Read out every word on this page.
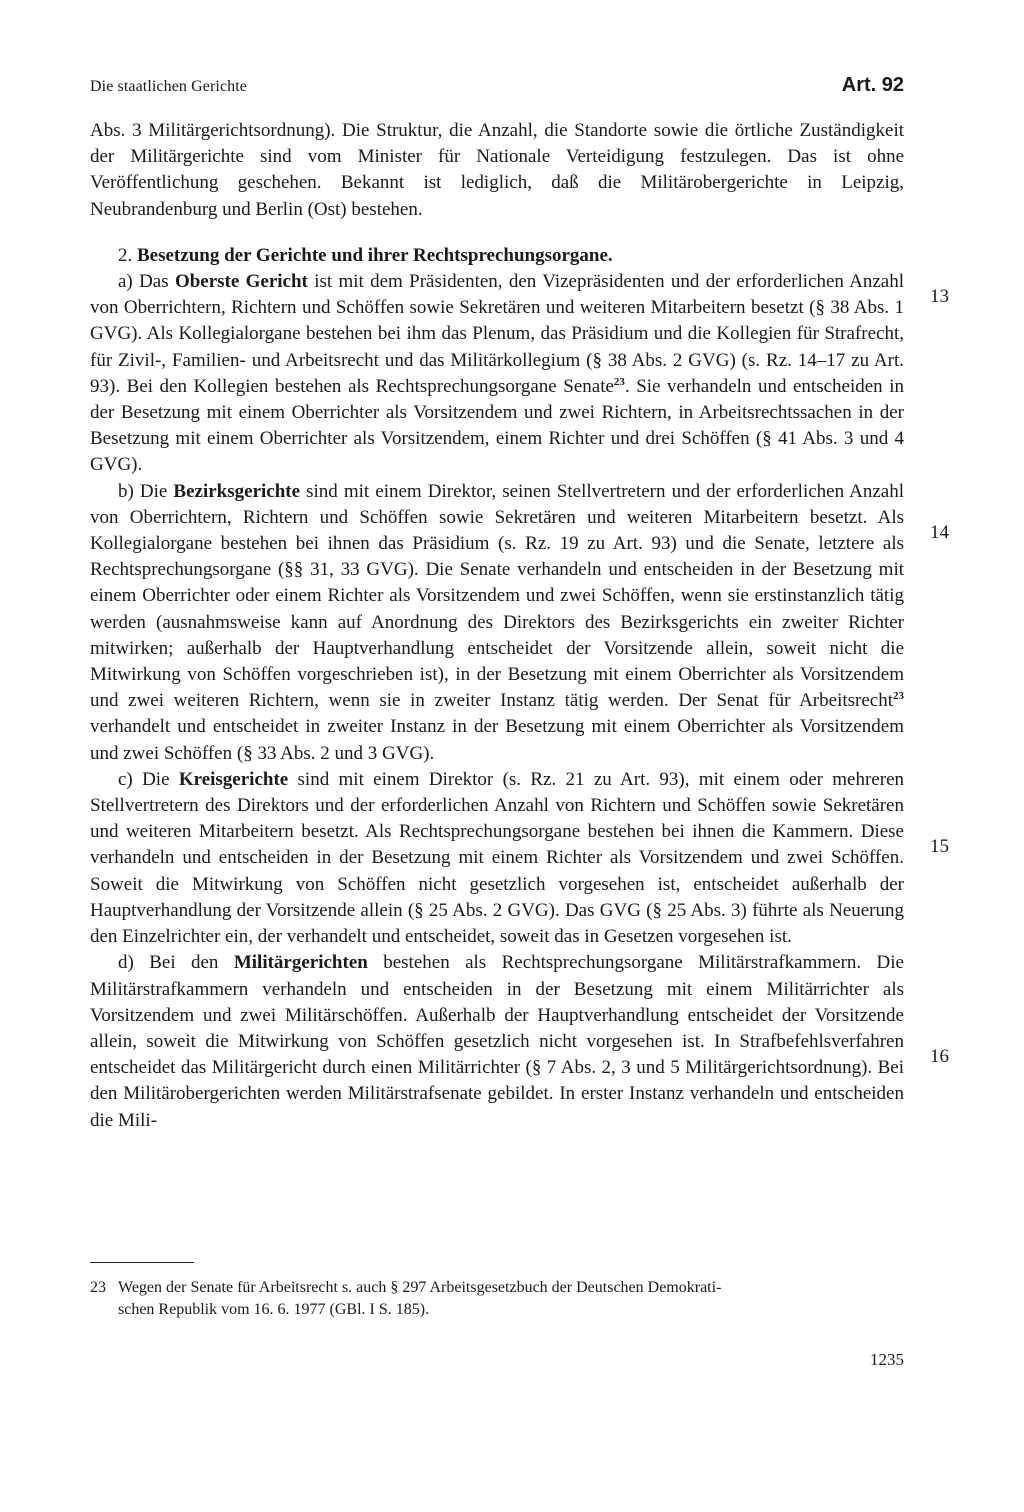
Die staatlichen Gerichte	Art. 92

Abs. 3 Militärgerichtsordnung). Die Struktur, die Anzahl, die Standorte sowie die örtliche Zuständigkeit der Militärgerichte sind vom Minister für Nationale Verteidigung festzulegen. Das ist ohne Veröffentlichung geschehen. Bekannt ist lediglich, daß die Militärobergerichte in Leipzig, Neubrandenburg und Berlin (Ost) bestehen.

2. Besetzung der Gerichte und ihrer Rechtsprechungsorgane.

a) Das Oberste Gericht ist mit dem Präsidenten, den Vizepräsidenten und der erforderlichen Anzahl von Oberrichtern, Richtern und Schöffen sowie Sekretären und weiteren Mitarbeitern besetzt (§ 38 Abs. 1 GVG). Als Kollegialorgane bestehen bei ihm das Plenum, das Präsidium und die Kollegien für Strafrecht, für Zivil-, Familien- und Arbeitsrecht und das Militärkollegium (§ 38 Abs. 2 GVG) (s. Rz. 14–17 zu Art. 93). Bei den Kollegien bestehen als Rechtsprechungsorgane Senate$^{23}$. Sie verhandeln und entscheiden in der Besetzung mit einem Oberrichter als Vorsitzendem und zwei Richtern, in Arbeitsrechtssachen in der Besetzung mit einem Oberrichter als Vorsitzendem, einem Richter und drei Schöffen (§ 41 Abs. 3 und 4 GVG).

b) Die Bezirksgerichte sind mit einem Direktor, seinen Stellvertretern und der erforderlichen Anzahl von Oberrichtern, Richtern und Schöffen sowie Sekretären und weiteren Mitarbeitern besetzt. Als Kollegialorgane bestehen bei ihnen das Präsidium (s. Rz. 19 zu Art. 93) und die Senate, letztere als Rechtsprechungsorgane (§§ 31, 33 GVG). Die Senate verhandeln und entscheiden in der Besetzung mit einem Oberrichter oder einem Richter als Vorsitzendem und zwei Schöffen, wenn sie erstinstanzlich tätig werden (ausnahmsweise kann auf Anordnung des Direktors des Bezirksgerichts ein zweiter Richter mitwirken; außerhalb der Hauptverhandlung entscheidet der Vorsitzende allein, soweit nicht die Mitwirkung von Schöffen vorgeschrieben ist), in der Besetzung mit einem Oberrichter als Vorsitzendem und zwei weiteren Richtern, wenn sie in zweiter Instanz tätig werden. Der Senat für Arbeitsrecht$^{23}$ verhandelt und entscheidet in zweiter Instanz in der Besetzung mit einem Oberrichter als Vorsitzendem und zwei Schöffen (§ 33 Abs. 2 und 3 GVG).

c) Die Kreisgerichte sind mit einem Direktor (s. Rz. 21 zu Art. 93), mit einem oder mehreren Stellvertretern des Direktors und der erforderlichen Anzahl von Richtern und Schöffen sowie Sekretären und weiteren Mitarbeitern besetzt. Als Rechtsprechungsorgane bestehen bei ihnen die Kammern. Diese verhandeln und entscheiden in der Besetzung mit einem Richter als Vorsitzendem und zwei Schöffen. Soweit die Mitwirkung von Schöffen nicht gesetzlich vorgesehen ist, entscheidet außerhalb der Hauptverhandlung der Vorsitzende allein (§ 25 Abs. 2 GVG). Das GVG (§ 25 Abs. 3) führte als Neuerung den Einzelrichter ein, der verhandelt und entscheidet, soweit das in Gesetzen vorgesehen ist.

d) Bei den Militärgerichten bestehen als Rechtsprechungsorgane Militärstrafkammern. Die Militärstrafkammern verhandeln und entscheiden in der Besetzung mit einem Militärrichter als Vorsitzendem und zwei Militärschöffen. Außerhalb der Hauptverhandlung entscheidet der Vorsitzende allein, soweit die Mitwirkung von Schöffen gesetzlich nicht vorgesehen ist. In Strafbefehlsverfahren entscheidet das Militärgericht durch einen Militärrichter (§ 7 Abs. 2, 3 und 5 Militärgerichtsordnung). Bei den Militärobergerichten werden Militärstrafsenate gebildet. In erster Instanz verhandeln und entscheiden die Mili-

13
14
15
16
23 Wegen der Senate für Arbeitsrecht s. auch § 297 Arbeitsgesetzbuch der Deutschen Demokrati-
schen Republik vom 16. 6. 1977 (GBl. I S. 185).
1235
